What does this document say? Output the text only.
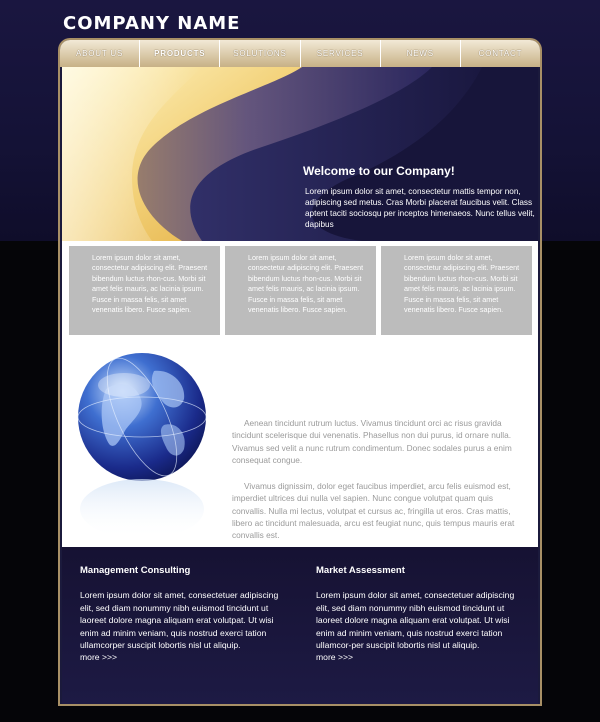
COMPANY NAME
ABOUT US	PRODUCTS	SOLUTIONS	SERVICES	NEWS	CONTACT
Welcome to our Company!
Lorem ipsum dolor sit amet, consectetur mattis tempor non, adipiscing sed metus. Cras Morbi placerat faucibus velit. Class aptent taciti sociosqu per inceptos himenaeos. Nunc tellus velit, dapibus

Lorem ipsum dolor sit amet, consectetur adipiscing elit. Praesent bibendum luctus rhon-cus. Morbi sit amet felis mauris, ac lacinia ipsum. Fusce in massa felis, sit amet venenatis libero. Fusce sapien.

Lorem ipsum dolor sit amet, consectetur adipiscing elit. Praesent bibendum luctus rhon-cus. Morbi sit amet felis mauris, ac lacinia ipsum. Fusce in massa felis, sit amet venenatis libero. Fusce sapien.

Lorem ipsum dolor sit amet, consectetur adipiscing elit. Praesent bibendum luctus rhon-cus. Morbi sit amet felis mauris, ac lacinia ipsum. Fusce in massa felis, sit amet venenatis libero. Fusce sapien.

Aenean tincidunt rutrum luctus. Vivamus tincidunt orci ac risus gravida tincidunt scelerisque dui venenatis. Phasellus non dui purus, id ornare nulla. Vivamus sed velit a nunc rutrum condimentum. Donec sodales purus a enim consequat congue.

Vivamus dignissim, dolor eget faucibus imperdiet, arcu felis euismod est, imperdiet ultrices dui nulla vel sapien. Nunc congue volutpat quam quis convallis. Nulla mi lectus, volutpat et cursus ac, fringilla ut eros. Cras mattis, libero ac tincidunt malesuada, arcu est feugiat nunc, quis tempus mauris erat convallis est.

Management Consulting

Lorem ipsum dolor sit amet, consectetuer adipiscing elit, sed diam nonummy nibh euismod tincidunt ut laoreet dolore magna aliquam erat volutpat. Ut wisi enim ad minim veniam, quis nostrud exerci tation ullamcorper suscipit lobortis nisl ut aliquip.

more >>>
Market Assessment

Lorem ipsum dolor sit amet, consectetuer adipiscing elit, sed diam nonummy nibh euismod tincidunt ut laoreet dolore magna aliquam erat volutpat. Ut wisi enim ad minim veniam, quis nostrud exerci tation ullamcor-per suscipit lobortis nisl ut aliquip.

more >>>
